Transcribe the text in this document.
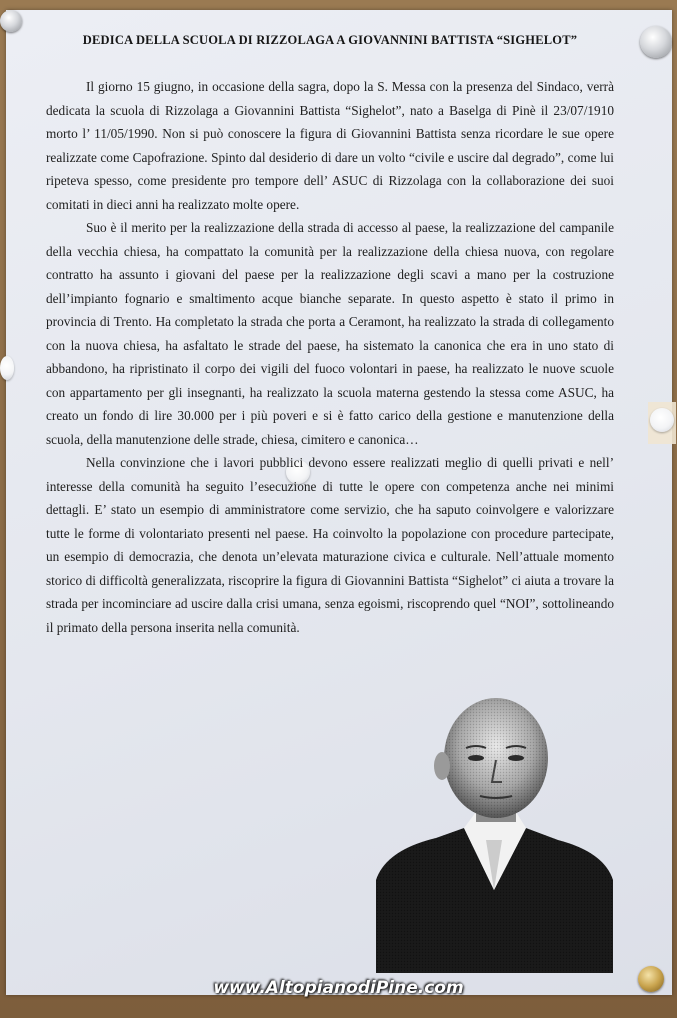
DEDICA DELLA SCUOLA DI RIZZOLAGA A GIOVANNINI BATTISTA “SIGHELOT”

Il giorno 15 giugno, in occasione della sagra, dopo la S. Messa con la presenza del Sindaco, verrà dedicata la scuola di Rizzolaga a Giovannini Battista “Sighelot”, nato a Baselga di Pinè il 23/07/1910 morto l’ 11/05/1990. Non si può conoscere la figura di Giovannini Battista senza ricordare le sue opere realizzate come Capofrazione. Spinto dal desiderio di dare un volto “civile e uscire dal degrado”, come lui ripeteva spesso, come presidente pro tempore dell’ ASUC di Rizzolaga con la collaborazione dei suoi comitati in dieci anni ha realizzato molte opere.

Suo è il merito per la realizzazione della strada di accesso al paese, la realizzazione del campanile della vecchia chiesa, ha compattato la comunità per la realizzazione della chiesa nuova, con regolare contratto ha assunto i giovani del paese per la realizzazione degli scavi a mano per la costruzione dell’impianto fognario e smaltimento acque bianche separate. In questo aspetto è stato il primo in provincia di Trento. Ha completato la strada che porta a Ceramont, ha realizzato la strada di collegamento con la nuova chiesa, ha asfaltato le strade del paese, ha sistemato la canonica che era in uno stato di abbandono, ha ripristinato il corpo dei vigili del fuoco volontari in paese, ha realizzato le nuove scuole con appartamento per gli insegnanti, ha realizzato la scuola materna gestendo la stessa come ASUC, ha creato un fondo di lire 30.000 per i più poveri e si è fatto carico della gestione e manutenzione della scuola, della manutenzione delle strade, chiesa, cimitero e canonica…

Nella convinzione che i lavori pubblici devono essere realizzati meglio di quelli privati e nell’ interesse della comunità ha seguito l’esecuzione di tutte le opere con competenza anche nei minimi dettagli. E’ stato un esempio di amministratore come servizio, che ha saputo coinvolgere e valorizzare tutte le forme di volontariato presenti nel paese. Ha coinvolto la popolazione con procedure partecipate, un esempio di democrazia, che denota un’elevata maturazione civica e culturale. Nell’attuale momento storico di difficoltà generalizzata, riscoprire la figura di Giovannini Battista “Sighelot” ci aiuta a trovare la strada per incominciare ad uscire dalla crisi umana, senza egoismi, riscoprendo quel “NOI”, sottolineando il primato della persona inserita nella comunità.

www.AltopianodiPine.com
